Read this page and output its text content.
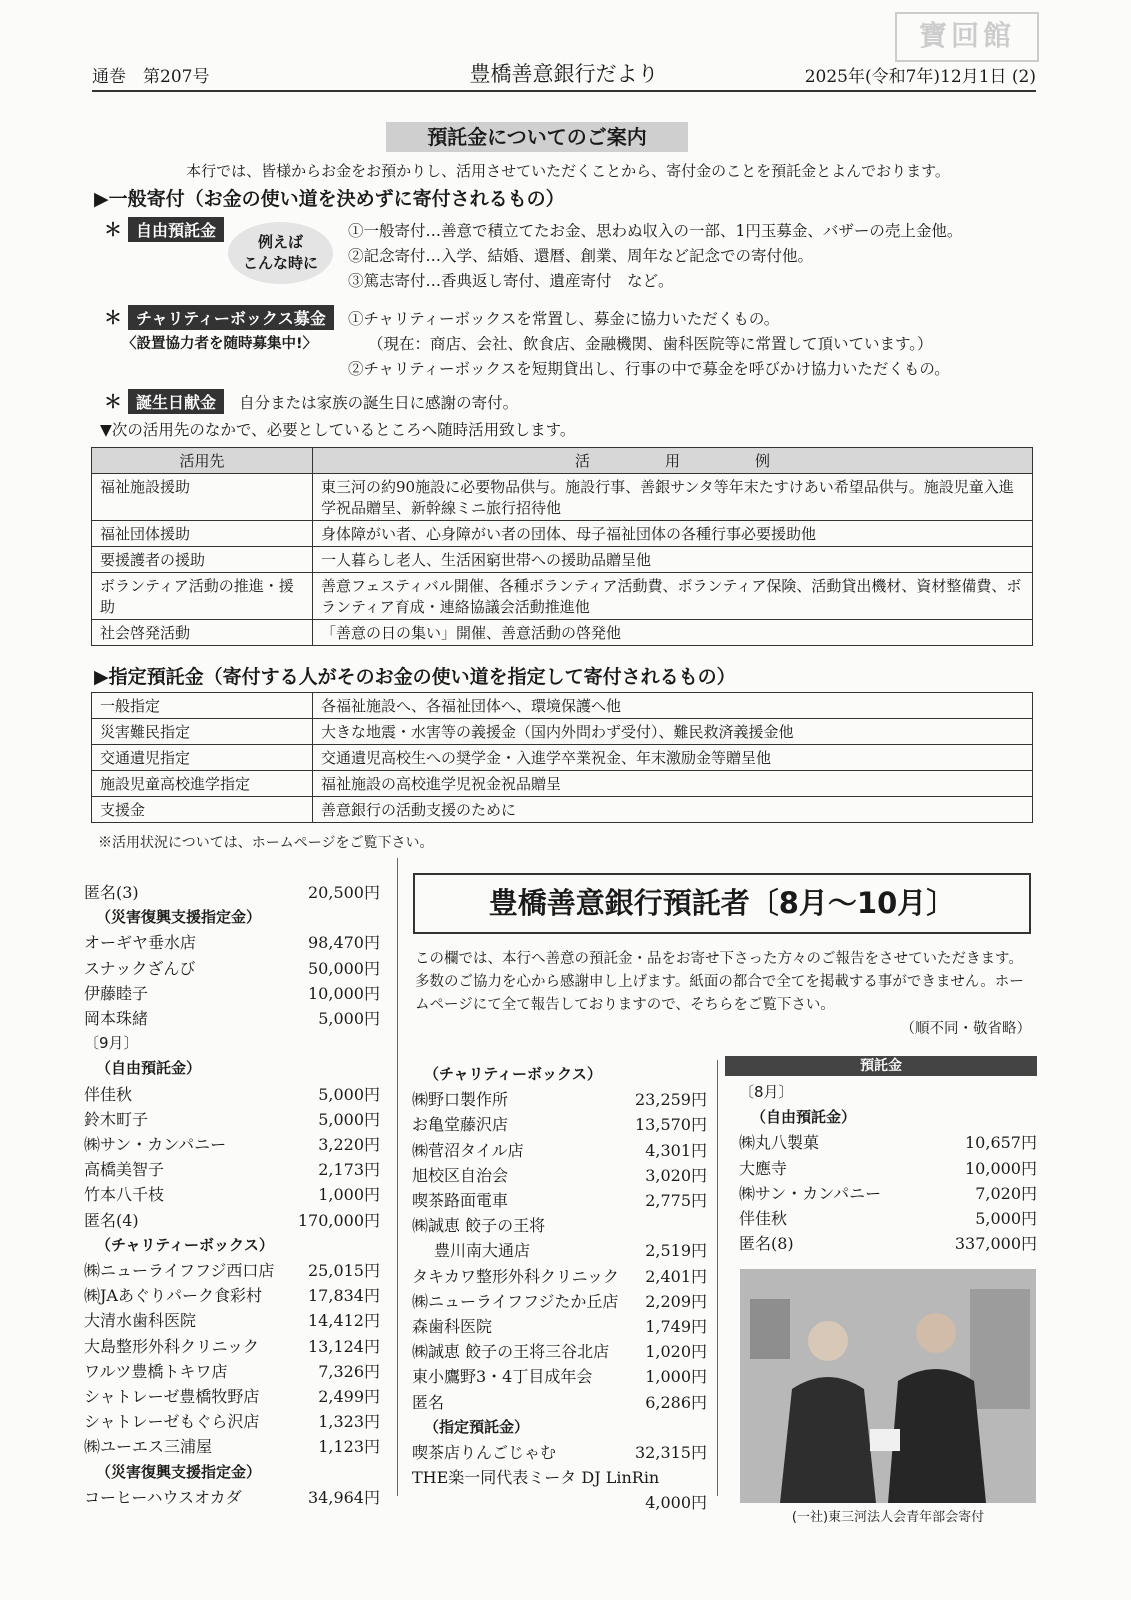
寶回館
通巻　第207号	豊橋善意銀行だより	2025年(令和7年)12月1日 (2)
預託金についてのご案内
本行では、皆様からお金をお預かりし、活用させていただくことから、寄付金のことを預託金とよんでおります。
▶一般寄付（お金の使い道を決めずに寄付されるもの）
＊ 自由預託金
例えば
こんな時に
①一般寄付…善意で積立てたお金、思わぬ収入の一部、1円玉募金、バザーの売上金他。
②記念寄付…入学、結婚、還暦、創業、周年など記念での寄付他。
③篤志寄付…香典返し寄付、遺産寄付　など。
＊ チャリティーボックス募金
〈設置協力者を随時募集中!〉
①チャリティーボックスを常置し、募金に協力いただくもの。
（現在：商店、会社、飲食店、金融機関、歯科医院等に常置して頂いています。）
②チャリティーボックスを短期貸出し、行事の中で募金を呼びかけ協力いただくもの。
＊ 誕生日献金 自分または家族の誕生日に感謝の寄付。
▼次の活用先のなかで、必要としているところへ随時活用致します。
活用先	活　　　　　用　　　　　例
福祉施設援助	東三河の約90施設に必要物品供与。施設行事、善銀サンタ等年末たすけあい希望品供与。施設児童入進学祝品贈呈、新幹線ミニ旅行招待他
福祉団体援助	身体障がい者、心身障がい者の団体、母子福祉団体の各種行事必要援助他
要援護者の援助	一人暮らし老人、生活困窮世帯への援助品贈呈他
ボランティア活動の推進・援助	善意フェスティバル開催、各種ボランティア活動費、ボランティア保険、活動貸出機材、資材整備費、ボランティア育成・連絡協議会活動推進他
社会啓発活動	「善意の日の集い」開催、善意活動の啓発他
▶指定預託金（寄付する人がそのお金の使い道を指定して寄付されるもの）
一般指定	各福祉施設へ、各福祉団体へ、環境保護へ他
災害難民指定	大きな地震・水害等の義援金（国内外問わず受付）、難民救済義援金他
交通遺児指定	交通遺児高校生への奨学金・入進学卒業祝金、年末激励金等贈呈他
施設児童高校進学指定	福祉施設の高校進学児祝金祝品贈呈
支援金	善意銀行の活動支援のために
※活用状況については、ホームページをご覧下さい。
豊橋善意銀行預託者〔8月～10月〕
この欄では、本行へ善意の預託金・品をお寄せ下さった方々のご報告をさせていただきます。多数のご協力を心から感謝申し上げます。紙面の都合で全てを掲載する事ができません。ホームページにて全て報告しておりますので、そちらをご覧下さい。
（順不同・敬省略）
匿名(3)	20,500円
（災害復興支援指定金）
オーギヤ垂水店	98,470円
スナックざんび	50,000円
伊藤睦子	10,000円
岡本珠緒	5,000円
〔9月〕
（自由預託金）
伴佳秋	5,000円
鈴木町子	5,000円
㈱サン・カンパニー	3,220円
高橋美智子	2,173円
竹本八千枝	1,000円
匿名(4)	170,000円
（チャリティーボックス）
㈱ニューライフフジ西口店 25,015円
㈱JAあぐりパーク食彩村	17,834円
大清水歯科医院	14,412円
大島整形外科クリニック	13,124円
ワルツ豊橋トキワ店	7,326円
シャトレーゼ豊橋牧野店	2,499円
シャトレーゼもぐら沢店	1,323円
㈱ユーエス三浦屋	1,123円
（災害復興支援指定金）
コーヒーハウスオカダ	34,964円
（チャリティーボックス）
㈱野口製作所	23,259円
お亀堂藤沢店	13,570円
㈱菅沼タイル店	4,301円
旭校区自治会	3,020円
喫茶路面電車	2,775円
㈱誠恵 餃子の王将
豊川南大通店	2,519円
タキカワ整形外科クリニック 2,401円
㈱ニューライフフジたか丘店 2,209円
森歯科医院	1,749円
㈱誠恵 餃子の王将三谷北店 1,020円
東小鷹野3・4丁目成年会	1,000円
匿名	6,286円
（指定預託金）
喫茶店りんごじゃむ	32,315円
THE楽一同代表ミータ DJ LinRin
4,000円
預託金
〔8月〕
（自由預託金）
㈱丸八製菓	10,657円
大應寺	10,000円
㈱サン・カンパニー	7,020円
伴佳秋	5,000円
匿名(8)	337,000円
(一社)東三河法人会青年部会寄付
